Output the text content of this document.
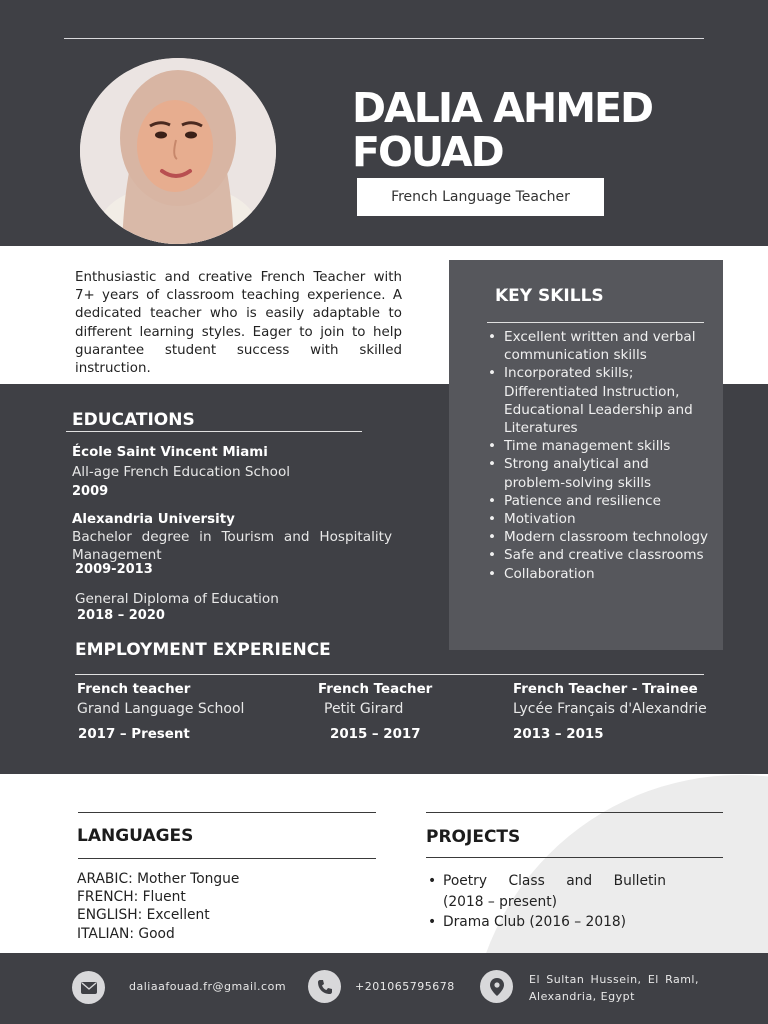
DALIA AHMED
FOUAD
French Language Teacher

Enthusiastic and creative French Teacher with 7+ years of classroom teaching experience. A dedicated teacher who is easily adaptable to different learning styles. Eager to join to help guarantee student success with skilled instruction.

KEY SKILLS
• Excellent written and verbal communication skills
• Incorporated skills; Differentiated Instruction, Educational Leadership and Literatures
• Time management skills
• Strong analytical and problem-solving skills
• Patience and resilience
• Motivation
• Modern classroom technology
• Safe and creative classrooms
• Collaboration
EDUCATIONS
École Saint Vincent Miami
All-age French Education School
2009
Alexandria University
Bachelor degree in Tourism and Hospitality Management
2009-2013
General Diploma of Education
2018 – 2020
EMPLOYMENT EXPERIENCE
French teacher
Grand Language School
2017 – Present
French Teacher
Petit Girard
2015 – 2017
French Teacher - Trainee
Lycée Français d'Alexandrie
2013 – 2015
LANGUAGES
ARABIC: Mother Tongue
FRENCH: Fluent
ENGLISH: Excellent
ITALIAN: Good
PROJECTS
• Poetry Class and Bulletin
(2018 – present)
• Drama Club (2016 – 2018)
daliaafouad.fr@gmail.com	+201065795678
El Sultan Hussein, El Raml,
Alexandria, Egypt
